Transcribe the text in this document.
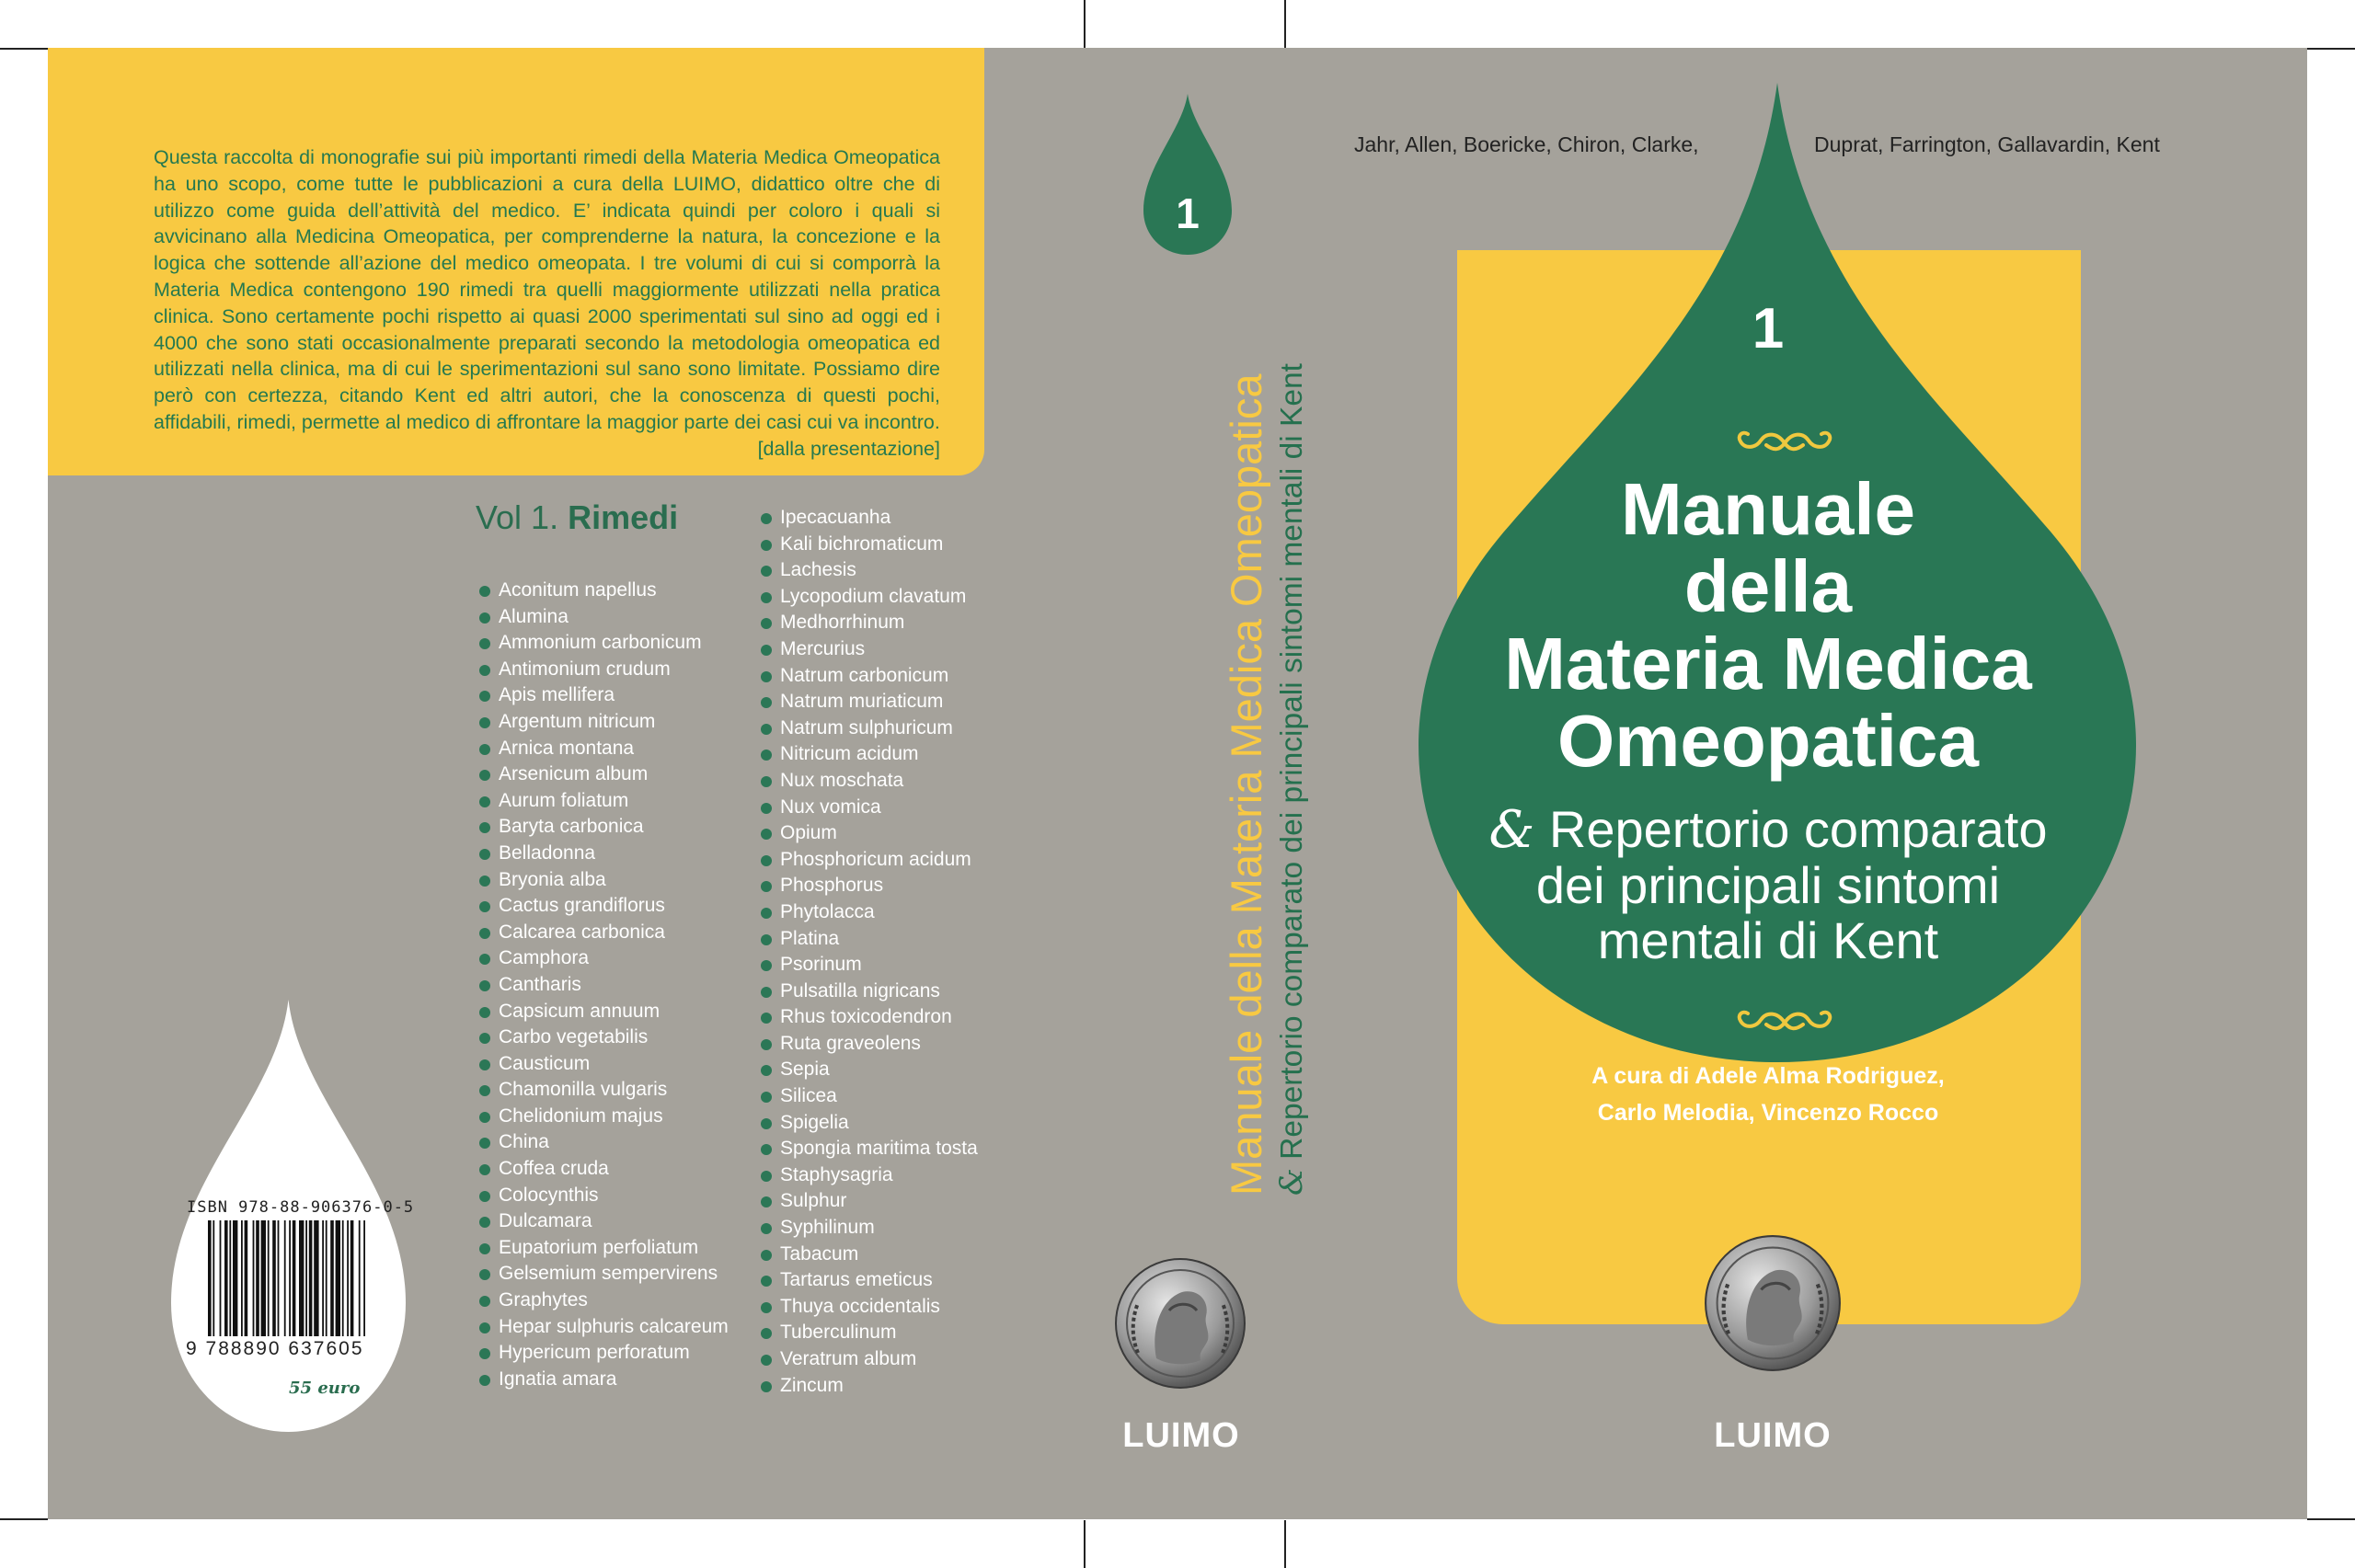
Questa raccolta di monografie sui più importanti rimedi della Materia Medica Omeopatica ha uno scopo, come tutte le pubblicazioni a cura della LUIMO, didattico oltre che di utilizzo come guida dell’attività del medico. E’ indicata quindi per coloro i quali si avvicinano alla Medicina Omeopatica, per comprenderne la natura, la concezione e la logica che sottende all’azione del medico omeopata. I tre volumi di cui si comporrà la Materia Medica contengono 190 rimedi tra quelli maggiormente utilizzati nella pratica clinica. Sono certamente pochi rispetto ai quasi 2000 sperimentati sul sino ad oggi ed i 4000 che sono stati occasionalmente preparati secondo la metodologia omeopatica ed utilizzati nella clinica, ma di cui le sperimentazioni sul sano sono limitate. Possiamo dire però con certezza, citando Kent ed altri autori, che la conoscenza di questi pochi, affidabili, rimedi, permette al medico di affrontare la maggior parte dei casi cui va incontro.
[dalla presentazione]
Vol 1. Rimedi
Aconitum napellus
Alumina
Ammonium carbonicum
Antimonium crudum
Apis mellifera
Argentum nitricum
Arnica montana
Arsenicum album
Aurum foliatum
Baryta carbonica
Belladonna
Bryonia alba
Cactus grandiflorus
Calcarea carbonica
Camphora
Cantharis
Capsicum annuum
Carbo vegetabilis
Causticum
Chamonilla vulgaris
Chelidonium majus
China
Coffea cruda
Colocynthis
Dulcamara
Eupatorium perfoliatum
Gelsemium sempervirens
Graphytes
Hepar sulphuris calcareum
Hypericum perforatum
Ignatia amara
Ipecacuanha
Kali bichromaticum
Lachesis
Lycopodium clavatum
Medhorrhinum
Mercurius
Natrum carbonicum
Natrum muriaticum
Natrum sulphuricum
Nitricum acidum
Nux moschata
Nux vomica
Opium
Phosphoricum acidum
Phosphorus
Phytolacca
Platina
Psorinum
Pulsatilla nigricans
Rhus toxicodendron
Ruta graveolens
Sepia
Silicea
Spigelia
Spongia maritima tosta
Staphysagria
Sulphur
Syphilinum
Tabacum
Tartarus emeticus
Thuya occidentalis
Tuberculinum
Veratrum album
Zincum
ISBN 978-88-906376-0-5
9 788890 637605
55 euro
1
Manuale della Materia Medica Omeopatica & Repertorio comparato dei principali sintomi mentali di Kent
LUIMO
Jahr, Allen, Boericke, Chiron, Clarke,	Duprat, Farrington, Gallavardin, Kent
1
Manuale
della
Materia Medica
Omeopatica
& Repertorio comparato
dei principali sintomi
mentali di Kent
A cura di Adele Alma Rodriguez,
Carlo Melodia, Vincenzo Rocco
LUIMO
